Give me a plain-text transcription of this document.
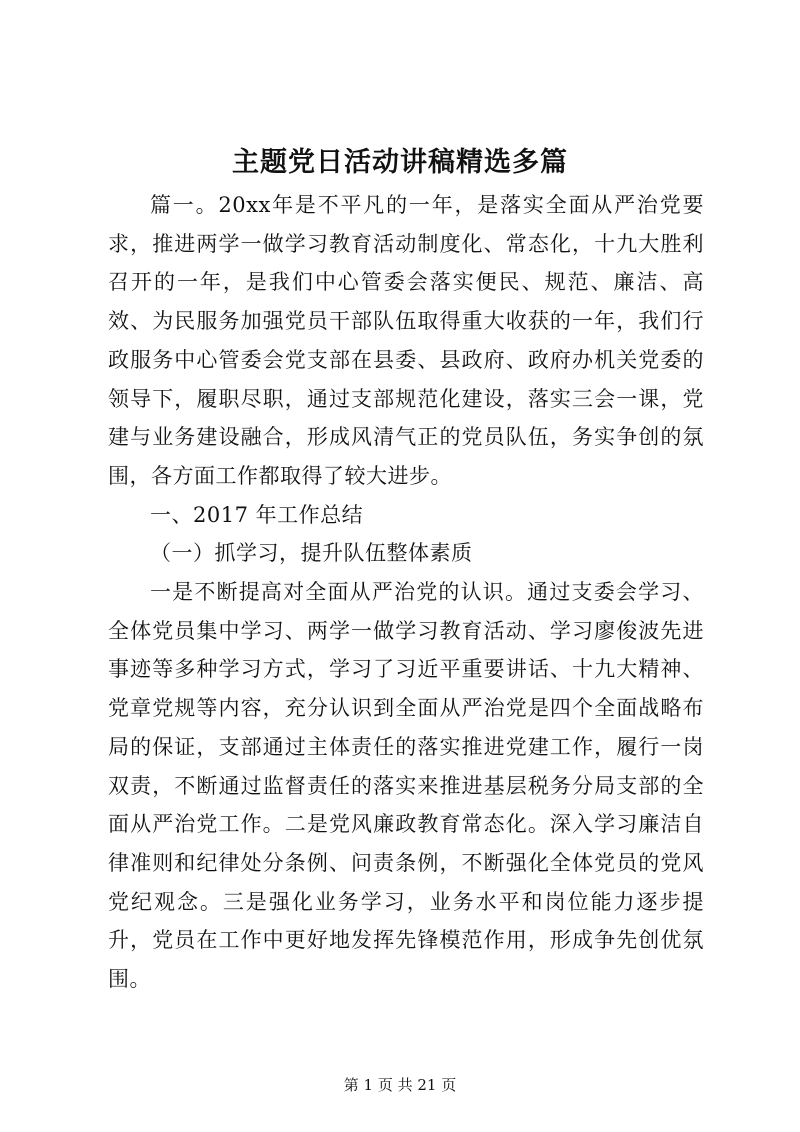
主题党日活动讲稿精选多篇

篇一。20xx年是不平凡的一年，是落实全面从严治党要求，推进两学一做学习教育活动制度化、常态化，十九大胜利召开的一年，是我们中心管委会落实便民、规范、廉洁、高效、为民服务加强党员干部队伍取得重大收获的一年，我们行政服务中心管委会党支部在县委、县政府、政府办机关党委的领导下，履职尽职，通过支部规范化建设，落实三会一课，党建与业务建设融合，形成风清气正的党员队伍，务实争创的氛围，各方面工作都取得了较大进步。

一、2017 年工作总结

（一）抓学习，提升队伍整体素质

一是不断提高对全面从严治党的认识。通过支委会学习、全体党员集中学习、两学一做学习教育活动、学习廖俊波先进事迹等多种学习方式，学习了习近平重要讲话、十九大精神、党章党规等内容，充分认识到全面从严治党是四个全面战略布局的保证，支部通过主体责任的落实推进党建工作，履行一岗双责，不断通过监督责任的落实来推进基层税务分局支部的全面从严治党工作。二是党风廉政教育常态化。深入学习廉洁自律准则和纪律处分条例、问责条例，不断强化全体党员的党风党纪观念。三是强化业务学习，业务水平和岗位能力逐步提升，党员在工作中更好地发挥先锋模范作用，形成争先创优氛围。

第 1 页 共 21 页
